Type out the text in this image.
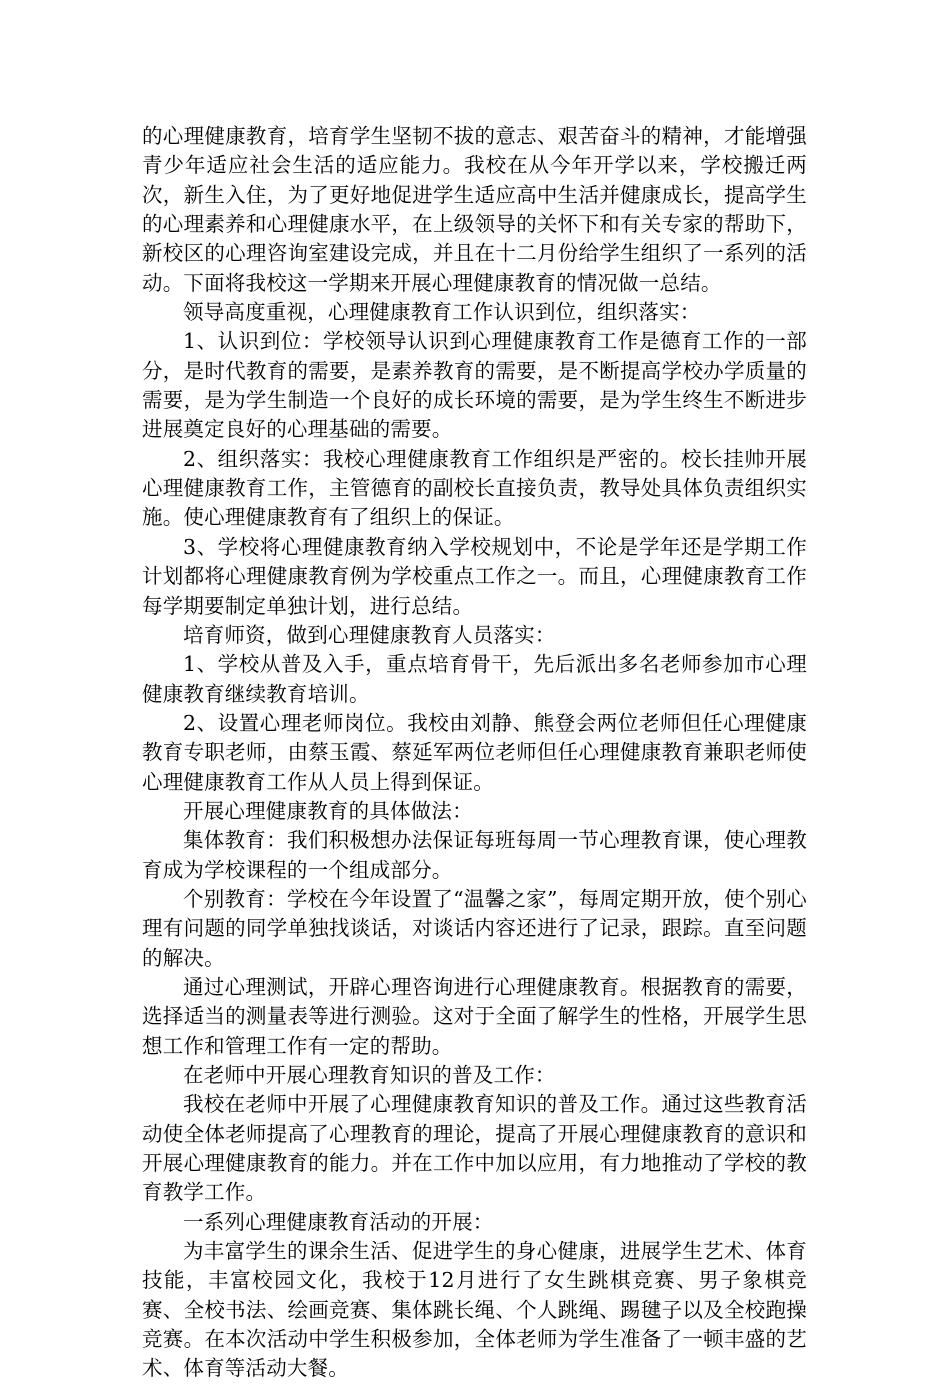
的心理健康教育，培育学生坚韧不拔的意志、艰苦奋斗的精神，才能增强青少年适应社会生活的适应能力。我校在从今年开学以来，学校搬迁两次，新生入住，为了更好地促进学生适应高中生活并健康成长，提高学生的心理素养和心理健康水平，在上级领导的关怀下和有关专家的帮助下，新校区的心理咨询室建设完成，并且在十二月份给学生组织了一系列的活动。下面将我校这一学期来开展心理健康教育的情况做一总结。

领导高度重视，心理健康教育工作认识到位，组织落实：

1、认识到位：学校领导认识到心理健康教育工作是德育工作的一部分，是时代教育的需要，是素养教育的需要，是不断提高学校办学质量的需要，是为学生制造一个良好的成长环境的需要，是为学生终生不断进步进展奠定良好的心理基础的需要。

2、组织落实：我校心理健康教育工作组织是严密的。校长挂帅开展心理健康教育工作，主管德育的副校长直接负责，教导处具体负责组织实施。使心理健康教育有了组织上的保证。

3、学校将心理健康教育纳入学校规划中，不论是学年还是学期工作计划都将心理健康教育例为学校重点工作之一。而且，心理健康教育工作每学期要制定单独计划，进行总结。

培育师资，做到心理健康教育人员落实：

1、学校从普及入手，重点培育骨干，先后派出多名老师参加市心理健康教育继续教育培训。

2、设置心理老师岗位。我校由刘静、熊登会两位老师但任心理健康教育专职老师，由蔡玉霞、蔡延军两位老师但任心理健康教育兼职老师使心理健康教育工作从人员上得到保证。

开展心理健康教育的具体做法：

集体教育：我们积极想办法保证每班每周一节心理教育课，使心理教育成为学校课程的一个组成部分。

个别教育：学校在今年设置了“温馨之家”，每周定期开放，使个别心理有问题的同学单独找谈话，对谈话内容还进行了记录，跟踪。直至问题的解决。

通过心理测试，开辟心理咨询进行心理健康教育。根据教育的需要，选择适当的测量表等进行测验。这对于全面了解学生的性格，开展学生思想工作和管理工作有一定的帮助。

在老师中开展心理教育知识的普及工作：

我校在老师中开展了心理健康教育知识的普及工作。通过这些教育活动使全体老师提高了心理教育的理论，提高了开展心理健康教育的意识和开展心理健康教育的能力。并在工作中加以应用，有力地推动了学校的教育教学工作。

一系列心理健康教育活动的开展：

为丰富学生的课余生活、促进学生的身心健康，进展学生艺术、体育技能，丰富校园文化，我校于12月进行了女生跳棋竞赛、男子象棋竞赛、全校书法、绘画竞赛、集体跳长绳、个人跳绳、踢毽子以及全校跑操竞赛。在本次活动中学生积极参加，全体老师为学生准备了一顿丰盛的艺术、体育等活动大餐。
